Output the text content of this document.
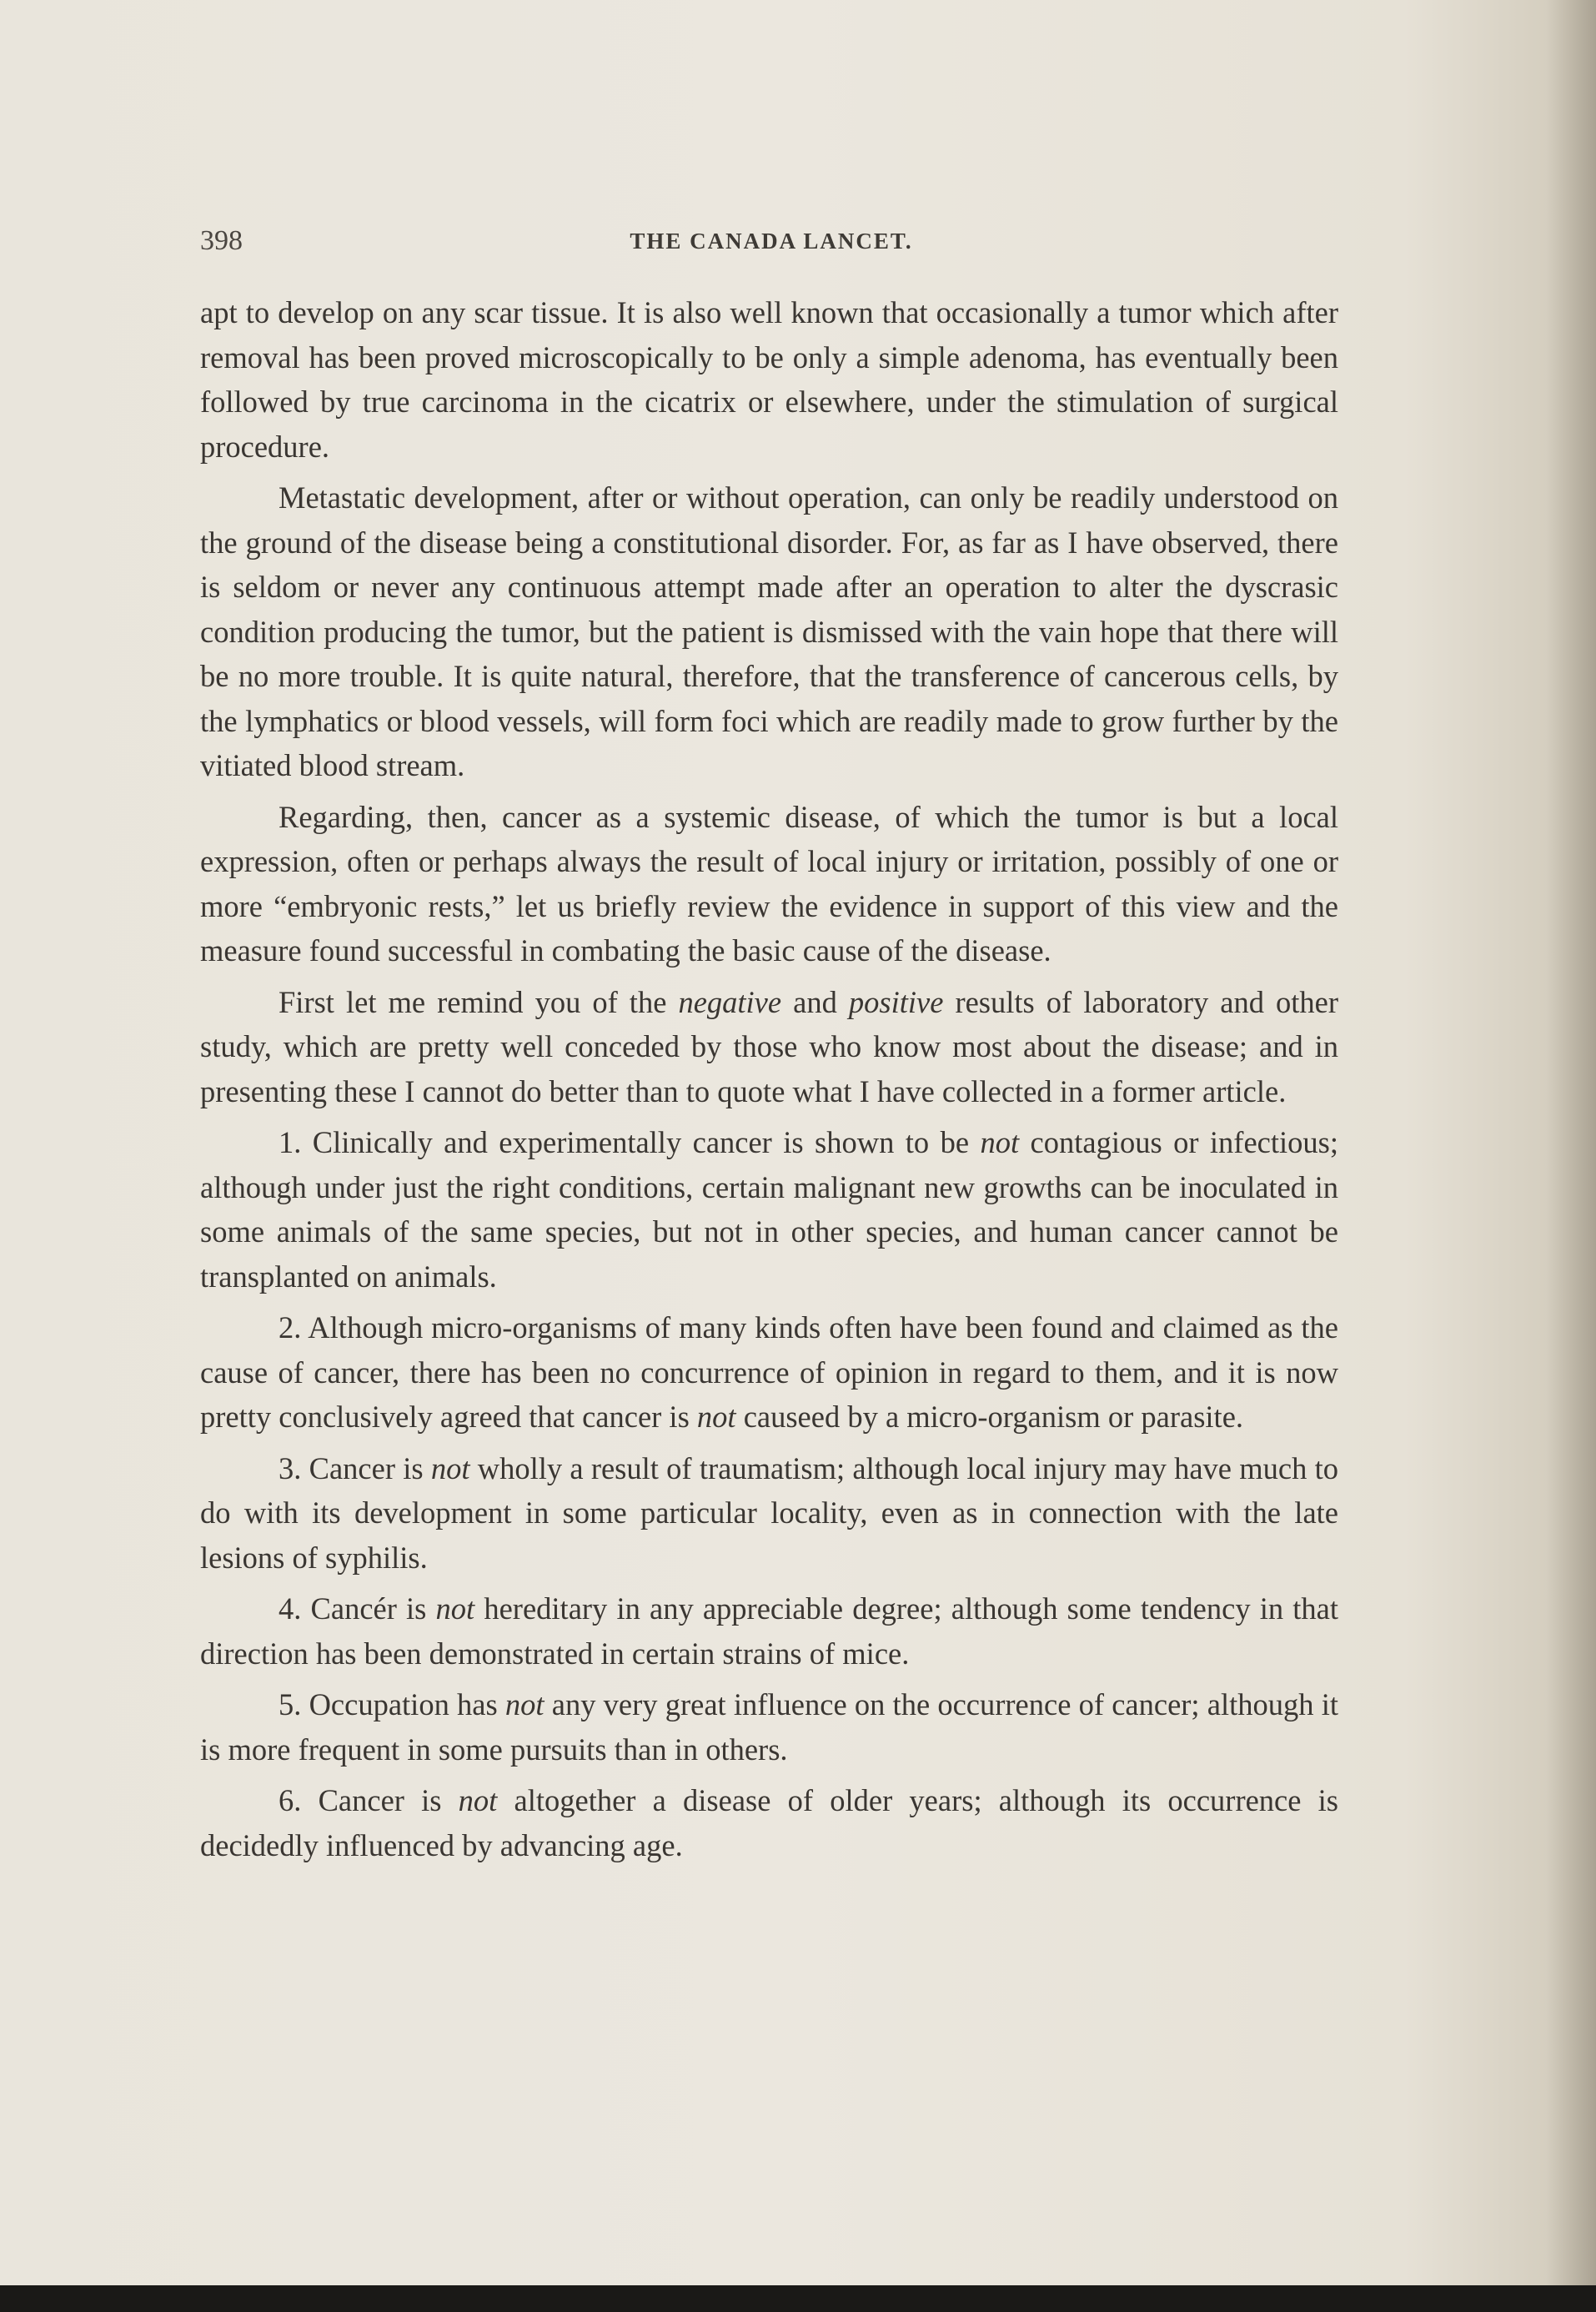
398	THE CANADA LANCET.

apt to develop on any scar tissue. It is also well known that occasionally a tumor which after removal has been proved microscopically to be only a simple adenoma, has eventually been followed by true carcinoma in the cicatrix or elsewhere, under the stimulation of surgical procedure.

Metastatic development, after or without operation, can only be readily understood on the ground of the disease being a constitutional disorder. For, as far as I have observed, there is seldom or never any continuous attempt made after an operation to alter the dyscrasic condition producing the tumor, but the patient is dismissed with the vain hope that there will be no more trouble. It is quite natural, therefore, that the transference of cancerous cells, by the lymphatics or blood vessels, will form foci which are readily made to grow further by the vitiated blood stream.

Regarding, then, cancer as a systemic disease, of which the tumor is but a local expression, often or perhaps always the result of local injury or irritation, possibly of one or more “embryonic rests,” let us briefly review the evidence in support of this view and the measure found successful in combating the basic cause of the disease.

First let me remind you of the negative and positive results of laboratory and other study, which are pretty well conceded by those who know most about the disease; and in presenting these I cannot do better than to quote what I have collected in a former article.

1. Clinically and experimentally cancer is shown to be not contagious or infectious; although under just the right conditions, certain malignant new growths can be inoculated in some animals of the same species, but not in other species, and human cancer cannot be transplanted on animals.

2. Although micro-organisms of many kinds often have been found and claimed as the cause of cancer, there has been no concurrence of opinion in regard to them, and it is now pretty conclusively agreed that cancer is not causeed by a micro-organism or parasite.

3. Cancer is not wholly a result of traumatism; although local injury may have much to do with its development in some particular locality, even as in connection with the late lesions of syphilis.

4. Cancér is not hereditary in any appreciable degree; although some tendency in that direction has been demonstrated in certain strains of mice.

5. Occupation has not any very great influence on the occurrence of cancer; although it is more frequent in some pursuits than in others.

6. Cancer is not altogether a disease of older years; although its occurrence is decidedly influenced by advancing age.
